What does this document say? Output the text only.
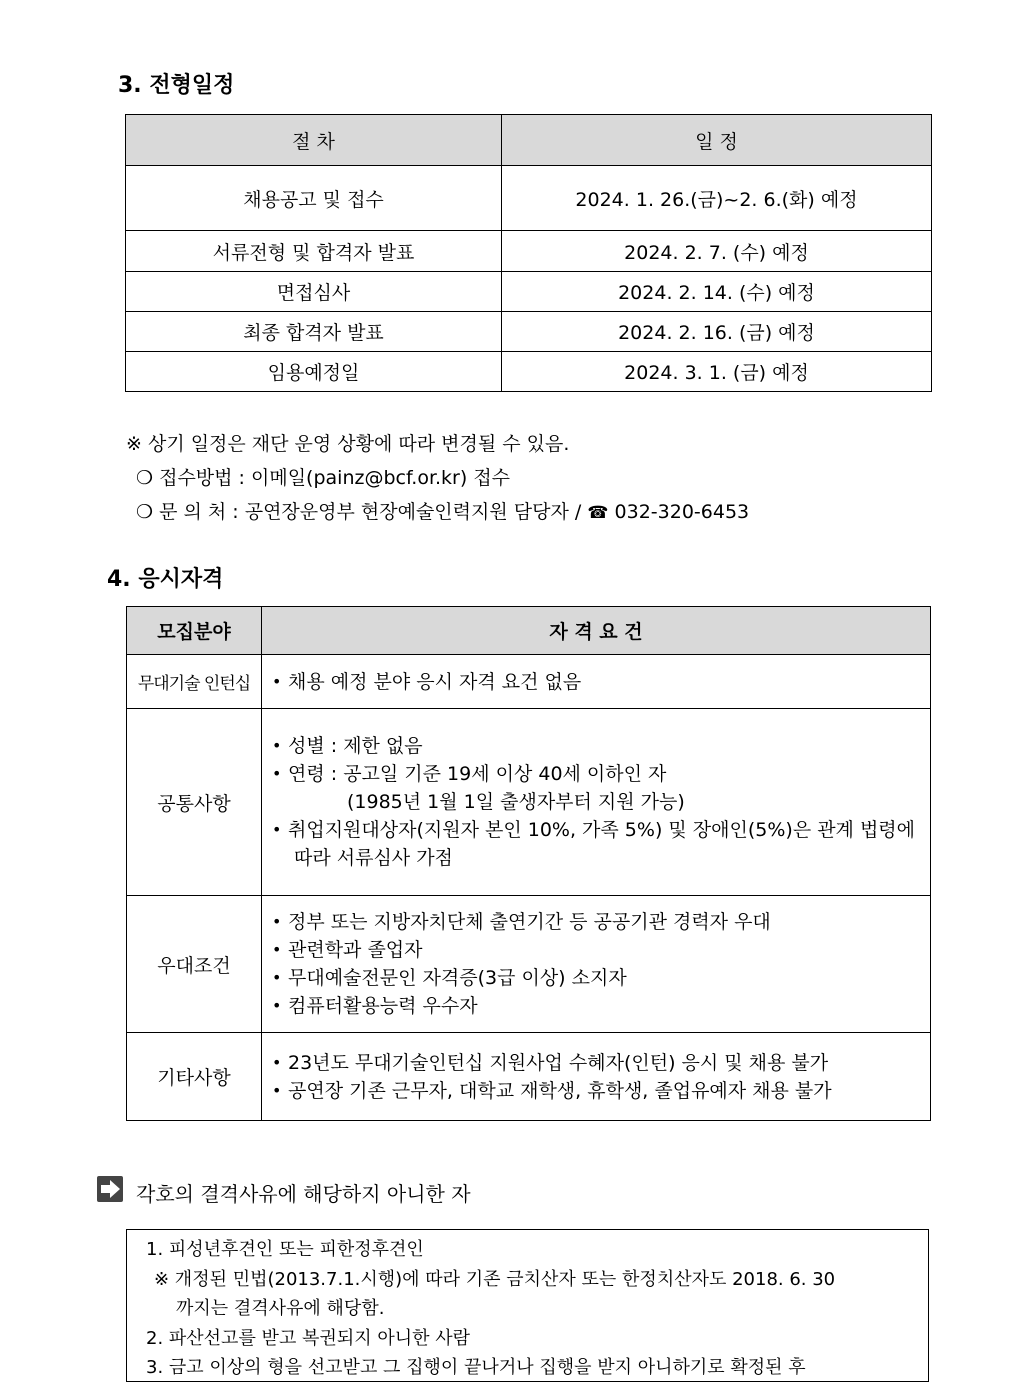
3. 전형일정
절 차	일 정
채용공고 및 접수	2024. 1. 26.(금)~2. 6.(화) 예정
서류전형 및 합격자 발표	2024. 2. 7. (수) 예정
면접심사	2024. 2. 14. (수) 예정
최종 합격자 발표	2024. 2. 16. (금) 예정
임용예정일	2024. 3. 1. (금) 예정
※ 상기 일정은 재단 운영 상황에 따라 변경될 수 있음.
❍ 접수방법 : 이메일(painz@bcf.or.kr) 접수
❍ 문 의 처 : 공연장운영부 현장예술인력지원 담당자 / ☎ 032-320-6453
4. 응시자격
모집분야	자 격 요 건
무대기술 인턴십	• 채용 예정 분야 응시 자격 요건 없음

공통사항	• 성별 : 제한 없음
• 연령 : 공고일 기준 19세 이상 40세 이하인 자
(1985년 1월 1일 출생자부터 지원 가능)
• 취업지원대상자(지원자 본인 10%, 가족 5%) 및 장애인(5%)은 관계 법령에
따라 서류심사 가점

우대조건	• 정부 또는 지방자치단체 출연기간 등 공공기관 경력자 우대
• 관련학과 졸업자
• 무대예술전문인 자격증(3급 이상) 소지자
• 컴퓨터활용능력 우수자

기타사항	• 23년도 무대기술인턴십 지원사업 수혜자(인턴) 응시 및 채용 불가
• 공연장 기존 근무자, 대학교 재학생, 휴학생, 졸업유예자 채용 불가
각호의 결격사유에 해당하지 아니한 자
1. 피성년후견인 또는 피한정후견인
※ 개정된 민법(2013.7.1.시행)에 따라 기존 금치산자 또는 한정치산자도 2018. 6. 30
까지는 결격사유에 해당함.
2. 파산선고를 받고 복권되지 아니한 사람
3. 금고 이상의 형을 선고받고 그 집행이 끝나거나 집행을 받지 아니하기로 확정된 후
